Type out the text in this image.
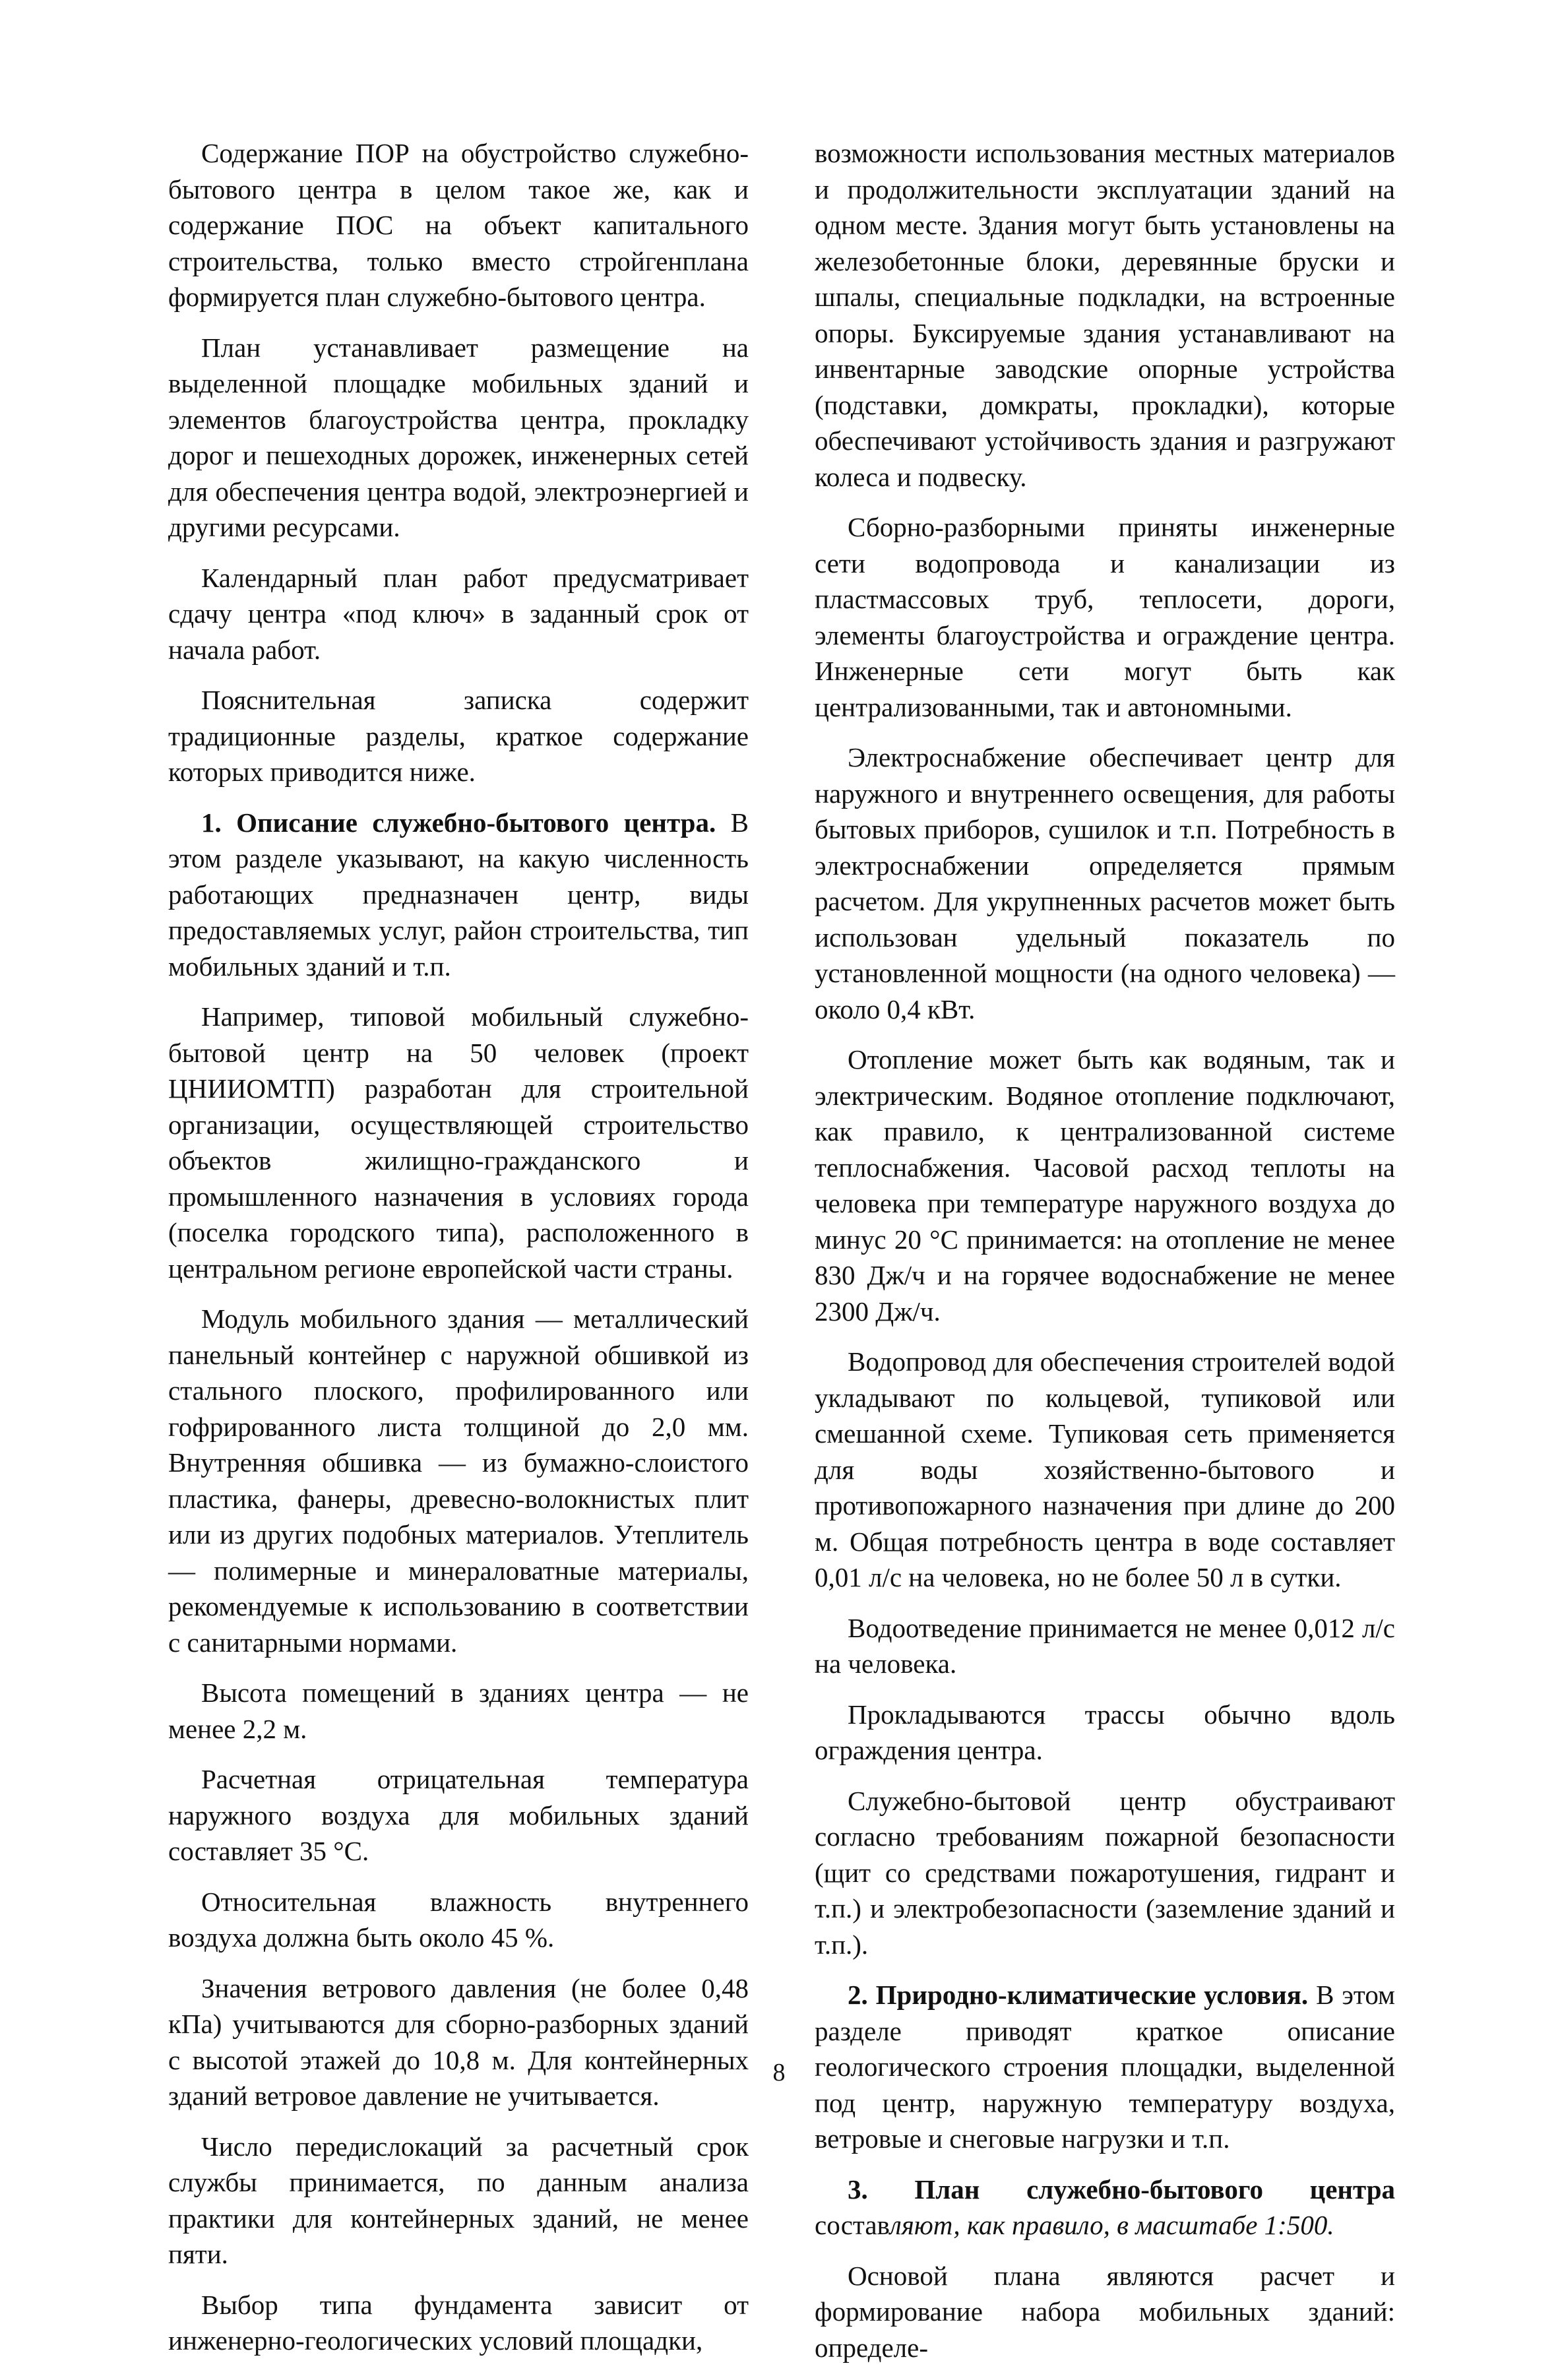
Содержание ПОР на обустройство служебно-бытового центра в целом такое же, как и содержание ПОС на объект капитального строительства, только вместо стройгенплана формируется план служебно-бытового центра.

План устанавливает размещение на выделенной площадке мобильных зданий и элементов благоустройства центра, прокладку дорог и пешеходных дорожек, инженерных сетей для обеспечения центра водой, электроэнергией и другими ресурсами.

Календарный план работ предусматривает сдачу центра «под ключ» в заданный срок от начала работ.

Пояснительная записка содержит традиционные разделы, краткое содержание которых приводится ниже.

1. Описание служебно-бытового центра. В этом разделе указывают, на какую численность работающих предназначен центр, виды предоставляемых услуг, район строительства, тип мобильных зданий и т.п.

Например, типовой мобильный служебно-бытовой центр на 50 человек (проект ЦНИИОМТП) разработан для строительной организации, осуществляющей строительство объектов жилищно-гражданского и промышленного назначения в условиях города (поселка городского типа), расположенного в центральном регионе европейской части страны.

Модуль мобильного здания — металлический панельный контейнер с наружной обшивкой из стального плоского, профилированного или гофрированного листа толщиной до 2,0 мм. Внутренняя обшивка — из бумажно-слоистого пластика, фанеры, древесно-волокнистых плит или из других подобных материалов. Утеплитель — полимерные и минераловатные материалы, рекомендуемые к использованию в соответствии с санитарными нормами.

Высота помещений в зданиях центра — не менее 2,2 м.

Расчетная отрицательная температура наружного воздуха для мобильных зданий составляет 35 °С.

Относительная влажность внутреннего воздуха должна быть около 45 %.

Значения ветрового давления (не более 0,48 кПа) учитываются для сборно-разборных зданий с высотой этажей до 10,8 м. Для контейнерных зданий ветровое давление не учитывается.

Число передислокаций за расчетный срок службы принимается, по данным анализа практики для контейнерных зданий, не менее пяти.

Выбор типа фундамента зависит от инженерно-геологических условий площадки,

возможности использования местных материалов и продолжительности эксплуатации зданий на одном месте. Здания могут быть установлены на железобетонные блоки, деревянные бруски и шпалы, специальные подкладки, на встроенные опоры. Буксируемые здания устанавливают на инвентарные заводские опорные устройства (подставки, домкраты, прокладки), которые обеспечивают устойчивость здания и разгружают колеса и подвеску.

Сборно-разборными приняты инженерные сети водопровода и канализации из пластмассовых труб, теплосети, дороги, элементы благоустройства и ограждение центра. Инженерные сети могут быть как централизованными, так и автономными.

Электроснабжение обеспечивает центр для наружного и внутреннего освещения, для работы бытовых приборов, сушилок и т.п. Потребность в электроснабжении определяется прямым расчетом. Для укрупненных расчетов может быть использован удельный показатель по установленной мощности (на одного человека) — около 0,4 кВт.

Отопление может быть как водяным, так и электрическим. Водяное отопление подключают, как правило, к централизованной системе теплоснабжения. Часовой расход теплоты на человека при температуре наружного воздуха до минус 20 °С принимается: на отопление не менее 830 Дж/ч и на горячее водоснабжение не менее 2300 Дж/ч.

Водопровод для обеспечения строителей водой укладывают по кольцевой, тупиковой или смешанной схеме. Тупиковая сеть применяется для воды хозяйственно-бытового и противопожарного назначения при длине до 200 м. Общая потребность центра в воде составляет 0,01 л/с на человека, но не более 50 л в сутки.

Водоотведение принимается не менее 0,012 л/с на человека.

Прокладываются трассы обычно вдоль ограждения центра.

Служебно-бытовой центр обустраивают согласно требованиям пожарной безопасности (щит со средствами пожаротушения, гидрант и т.п.) и электробезопасности (заземление зданий и т.п.).

2. Природно-климатические условия. В этом разделе приводят краткое описание геологического строения площадки, выделенной под центр, наружную температуру воздуха, ветровые и снеговые нагрузки и т.п.

3. План служебно-бытового центра составляют, как правило, в масштабе 1:500.

Основой плана являются расчет и формирование набора мобильных зданий: определе-

8
